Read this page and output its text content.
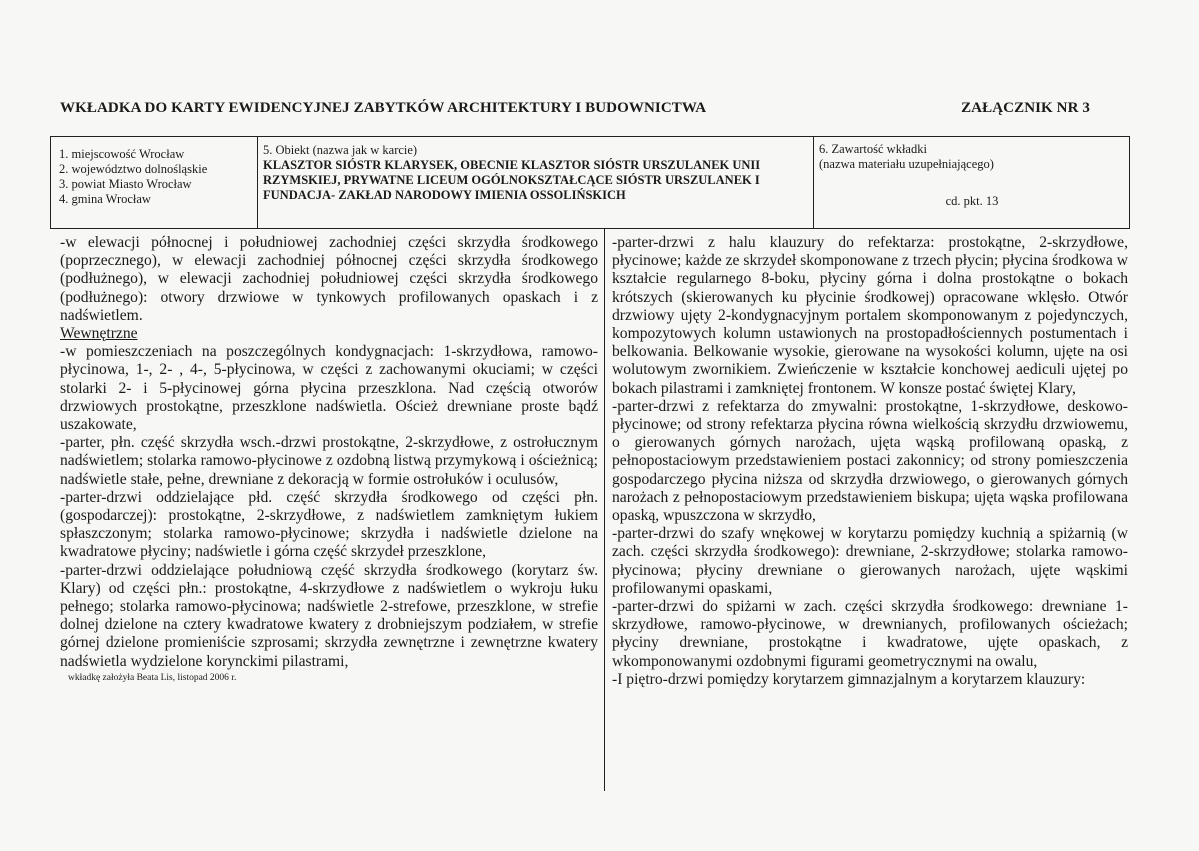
WKŁADKA DO KARTY EWIDENCYJNEJ ZABYTKÓW ARCHITEKTURY I BUDOWNICTWA	ZAŁĄCZNIK NR 3
1. miejscowość Wrocław
2. województwo dolnośląskie
3. powiat Miasto Wrocław
4. gmina Wrocław
5. Obiekt (nazwa jak w karcie)
KLASZTOR SIÓSTR KLARYSEK, OBECNIE KLASZTOR SIÓSTR URSZULANEK UNII RZYMSKIEJ, PRYWATNE LICEUM OGÓLNOKSZTAŁCĄCE SIÓSTR URSZULANEK I FUNDACJA- ZAKŁAD NARODOWY IMIENIA OSSOLIŃSKICH
6. Zawartość wkładki
(nazwa materiału uzupełniającego)
cd. pkt. 13

-w elewacji północnej i południowej zachodniej części skrzydła środkowego (poprzecznego), w elewacji zachodniej północnej części skrzydła środkowego (podłużnego), w elewacji zachodniej południowej części skrzydła środkowego (podłużnego): otwory drzwiowe w tynkowych profilowanych opaskach i z nadświetlem.

Wewnętrzne

-w pomieszczeniach na poszczególnych kondygnacjach: 1-skrzydłowa, ramowo-płycinowa, 1-, 2- , 4-, 5-płycinowa, w części z zachowanymi okuciami; w części stolarki 2- i 5-płycinowej górna płycina przeszklona. Nad częścią otworów drzwiowych prostokątne, przeszklone nadświetla. Oścież drewniane proste bądź uszakowate,

-parter, płn. część skrzydła wsch.-drzwi prostokątne, 2-skrzydłowe, z ostrołucznym nadświetlem; stolarka ramowo-płycinowe z ozdobną listwą przymykową i ościeżnicą; nadświetle stałe, pełne, drewniane z dekoracją w formie ostrołuków i oculusów,

-parter-drzwi oddzielające płd. część skrzydła środkowego od części płn. (gospodarczej): prostokątne, 2-skrzydłowe, z nadświetlem zamkniętym łukiem spłaszczonym; stolarka ramowo-płycinowe; skrzydła i nadświetle dzielone na kwadratowe płyciny; nadświetle i górna część skrzydeł przeszklone,

-parter-drzwi oddzielające południową część skrzydła środkowego (korytarz św. Klary) od części płn.: prostokątne, 4-skrzydłowe z nadświetlem o wykroju łuku pełnego; stolarka ramowo-płycinowa; nadświetle 2-strefowe, przeszklone, w strefie dolnej dzielone na cztery kwadratowe kwatery z drobniejszym podziałem, w strefie górnej dzielone promieniście szprosami; skrzydła zewnętrzne i zewnętrzne kwatery nadświetla wydzielone korynckimi pilastrami,

wkładkę założyła Beata Lis, listopad 2006 r.

-parter-drzwi z halu klauzury do refektarza: prostokątne, 2-skrzydłowe, płycinowe; każde ze skrzydeł skomponowane z trzech płycin; płycina środkowa w kształcie regularnego 8-boku, płyciny górna i dolna prostokątne o bokach krótszych (skierowanych ku płycinie środkowej) opracowane wklęsło. Otwór drzwiowy ujęty 2-kondygnacyjnym portalem skomponowanym z pojedynczych, kompozytowych kolumn ustawionych na prostopadłościennych postumentach i belkowania. Belkowanie wysokie, gierowane na wysokości kolumn, ujęte na osi wolutowym zwornikiem. Zwieńczenie w kształcie konchowej aediculi ujętej po bokach pilastrami i zamkniętej frontonem. W konsze postać świętej Klary,

-parter-drzwi z refektarza do zmywalni: prostokątne, 1-skrzydłowe, deskowo- płycinowe; od strony refektarza płycina równa wielkością skrzydłu drzwiowemu, o gierowanych górnych narożach, ujęta wąską profilowaną opaską, z pełnopostaciowym przedstawieniem postaci zakonnicy; od strony pomieszczenia gospodarczego płycina niższa od skrzydła drzwiowego, o gierowanych górnych narożach z pełnopostaciowym przedstawieniem biskupa; ujęta wąska profilowana opaską, wpuszczona w skrzydło,

-parter-drzwi do szafy wnękowej w korytarzu pomiędzy kuchnią a spiżarnią (w zach. części skrzydła środkowego): drewniane, 2-skrzydłowe; stolarka ramowo-płycinowa; płyciny drewniane o gierowanych narożach, ujęte wąskimi profilowanymi opaskami,

-parter-drzwi do spiżarni w zach. części skrzydła środkowego: drewniane 1-skrzydłowe, ramowo-płycinowe, w drewnianych, profilowanych ościeżach; płyciny drewniane, prostokątne i kwadratowe, ujęte opaskach, z wkomponowanymi ozdobnymi figurami geometrycznymi na owalu,

-I piętro-drzwi pomiędzy korytarzem gimnazjalnym a korytarzem klauzury:
